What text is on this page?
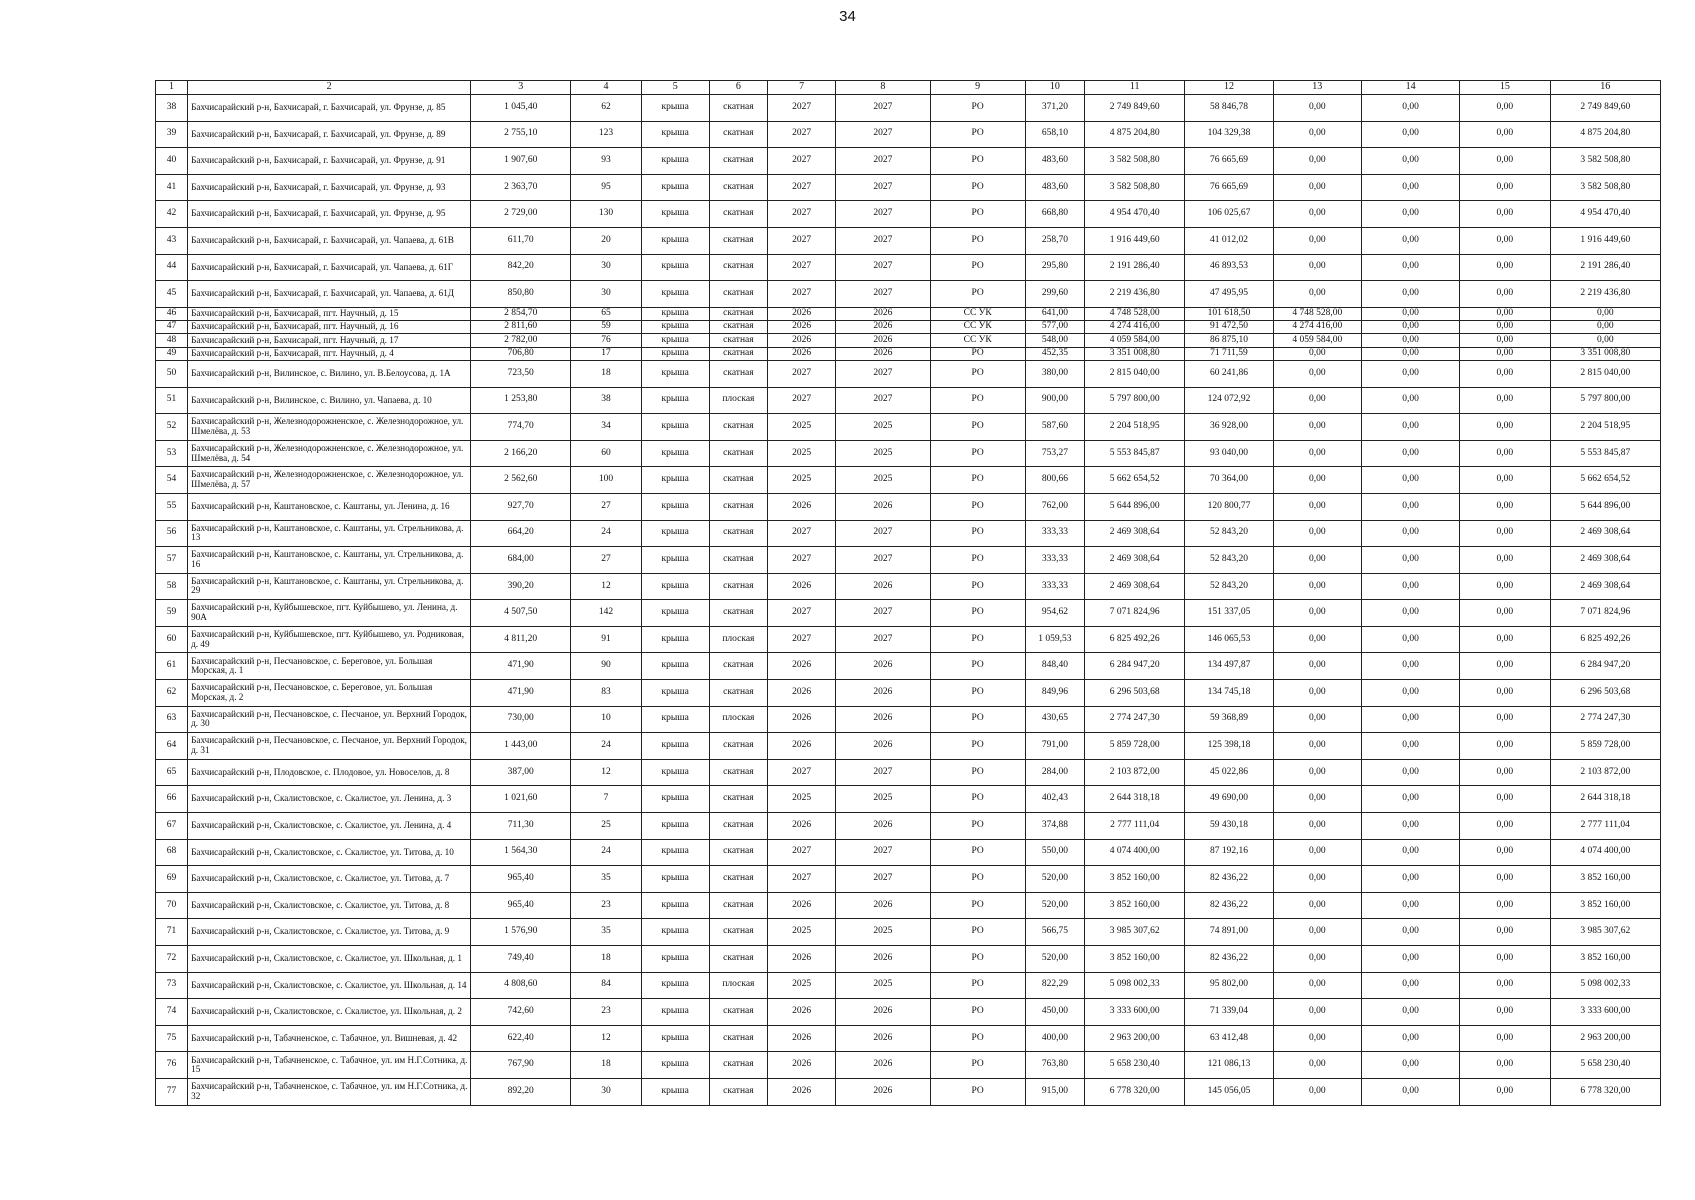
34
1	2	3	4	5	6	7	8	9	10	11	12	13	14	15	16
38	Бахчисарайский р-н, Бахчисарай, г. Бахчисарай, ул. Фрунзе, д. 85	1 045,40	62	крыша	скатная	2027	2027	РО	371,20	2 749 849,60	58 846,78	0,00	0,00	0,00	2 749 849,60
39	Бахчисарайский р-н, Бахчисарай, г. Бахчисарай, ул. Фрунзе, д. 89	2 755,10	123	крыша	скатная	2027	2027	РО	658,10	4 875 204,80	104 329,38	0,00	0,00	0,00	4 875 204,80
40	Бахчисарайский р-н, Бахчисарай, г. Бахчисарай, ул. Фрунзе, д. 91	1 907,60	93	крыша	скатная	2027	2027	РО	483,60	3 582 508,80	76 665,69	0,00	0,00	0,00	3 582 508,80
41	Бахчисарайский р-н, Бахчисарай, г. Бахчисарай, ул. Фрунзе, д. 93	2 363,70	95	крыша	скатная	2027	2027	РО	483,60	3 582 508,80	76 665,69	0,00	0,00	0,00	3 582 508,80
42	Бахчисарайский р-н, Бахчисарай, г. Бахчисарай, ул. Фрунзе, д. 95	2 729,00	130	крыша	скатная	2027	2027	РО	668,80	4 954 470,40	106 025,67	0,00	0,00	0,00	4 954 470,40
43	Бахчисарайский р-н, Бахчисарай, г. Бахчисарай, ул. Чапаева, д. 61В	611,70	20	крыша	скатная	2027	2027	РО	258,70	1 916 449,60	41 012,02	0,00	0,00	0,00	1 916 449,60
44	Бахчисарайский р-н, Бахчисарай, г. Бахчисарай, ул. Чапаева, д. 61Г	842,20	30	крыша	скатная	2027	2027	РО	295,80	2 191 286,40	46 893,53	0,00	0,00	0,00	2 191 286,40
45	Бахчисарайский р-н, Бахчисарай, г. Бахчисарай, ул. Чапаева, д. 61Д	850,80	30	крыша	скатная	2027	2027	РО	299,60	2 219 436,80	47 495,95	0,00	0,00	0,00	2 219 436,80
46	Бахчисарайский р-н, Бахчисарай, пгт. Научный, д. 15	2 854,70	65	крыша	скатная	2026	2026	СС УК	641,00	4 748 528,00	101 618,50	4 748 528,00	0,00	0,00	0,00
47	Бахчисарайский р-н, Бахчисарай, пгт. Научный, д. 16	2 811,60	59	крыша	скатная	2026	2026	СС УК	577,00	4 274 416,00	91 472,50	4 274 416,00	0,00	0,00	0,00
48	Бахчисарайский р-н, Бахчисарай, пгт. Научный, д. 17	2 782,00	76	крыша	скатная	2026	2026	СС УК	548,00	4 059 584,00	86 875,10	4 059 584,00	0,00	0,00	0,00
49	Бахчисарайский р-н, Бахчисарай, пгт. Научный, д. 4	706,80	17	крыша	скатная	2026	2026	РО	452,35	3 351 008,80	71 711,59	0,00	0,00	0,00	3 351 008,80
50	Бахчисарайский р-н, Вилинское, с. Вилино, ул. В.Белоусова, д. 1А	723,50	18	крыша	скатная	2027	2027	РО	380,00	2 815 040,00	60 241,86	0,00	0,00	0,00	2 815 040,00
51	Бахчисарайский р-н, Вилинское, с. Вилино, ул. Чапаева, д. 10	1 253,80	38	крыша	плоская	2027	2027	РО	900,00	5 797 800,00	124 072,92	0,00	0,00	0,00	5 797 800,00
52	Бахчисарайский р-н, Железнодорожненское, с. Железнодорожное, ул. Шмелёва, д. 53	774,70	34	крыша	скатная	2025	2025	РО	587,60	2 204 518,95	36 928,00	0,00	0,00	0,00	2 204 518,95
53	Бахчисарайский р-н, Железнодорожненское, с. Железнодорожное, ул. Шмелёва, д. 54	2 166,20	60	крыша	скатная	2025	2025	РО	753,27	5 553 845,87	93 040,00	0,00	0,00	0,00	5 553 845,87
54	Бахчисарайский р-н, Железнодорожненское, с. Железнодорожное, ул. Шмелёва, д. 57	2 562,60	100	крыша	скатная	2025	2025	РО	800,66	5 662 654,52	70 364,00	0,00	0,00	0,00	5 662 654,52
55	Бахчисарайский р-н, Каштановское, с. Каштаны, ул. Ленина, д. 16	927,70	27	крыша	скатная	2026	2026	РО	762,00	5 644 896,00	120 800,77	0,00	0,00	0,00	5 644 896,00
56	Бахчисарайский р-н, Каштановское, с. Каштаны, ул. Стрельникова, д. 13	664,20	24	крыша	скатная	2027	2027	РО	333,33	2 469 308,64	52 843,20	0,00	0,00	0,00	2 469 308,64
57	Бахчисарайский р-н, Каштановское, с. Каштаны, ул. Стрельникова, д. 16	684,00	27	крыша	скатная	2027	2027	РО	333,33	2 469 308,64	52 843,20	0,00	0,00	0,00	2 469 308,64
58	Бахчисарайский р-н, Каштановское, с. Каштаны, ул. Стрельникова, д. 29	390,20	12	крыша	скатная	2026	2026	РО	333,33	2 469 308,64	52 843,20	0,00	0,00	0,00	2 469 308,64
59	Бахчисарайский р-н, Куйбышевское, пгт. Куйбышево, ул. Ленина, д. 90А	4 507,50	142	крыша	скатная	2027	2027	РО	954,62	7 071 824,96	151 337,05	0,00	0,00	0,00	7 071 824,96
60	Бахчисарайский р-н, Куйбышевское, пгт. Куйбышево, ул. Родниковая, д. 49	4 811,20	91	крыша	плоская	2027	2027	РО	1 059,53	6 825 492,26	146 065,53	0,00	0,00	0,00	6 825 492,26
61	Бахчисарайский р-н, Песчановское, с. Береговое, ул. Большая Морская, д. 1	471,90	90	крыша	скатная	2026	2026	РО	848,40	6 284 947,20	134 497,87	0,00	0,00	0,00	6 284 947,20
62	Бахчисарайский р-н, Песчановское, с. Береговое, ул. Большая Морская, д. 2	471,90	83	крыша	скатная	2026	2026	РО	849,96	6 296 503,68	134 745,18	0,00	0,00	0,00	6 296 503,68
63	Бахчисарайский р-н, Песчановское, с. Песчаное, ул. Верхний Городок, д. 30	730,00	10	крыша	плоская	2026	2026	РО	430,65	2 774 247,30	59 368,89	0,00	0,00	0,00	2 774 247,30
64	Бахчисарайский р-н, Песчановское, с. Песчаное, ул. Верхний Городок, д. 31	1 443,00	24	крыша	скатная	2026	2026	РО	791,00	5 859 728,00	125 398,18	0,00	0,00	0,00	5 859 728,00
65	Бахчисарайский р-н, Плодовское, с. Плодовое, ул. Новоселов, д. 8	387,00	12	крыша	скатная	2027	2027	РО	284,00	2 103 872,00	45 022,86	0,00	0,00	0,00	2 103 872,00
66	Бахчисарайский р-н, Скалистовское, с. Скалистое, ул. Ленина, д. 3	1 021,60	7	крыша	скатная	2025	2025	РО	402,43	2 644 318,18	49 690,00	0,00	0,00	0,00	2 644 318,18
67	Бахчисарайский р-н, Скалистовское, с. Скалистое, ул. Ленина, д. 4	711,30	25	крыша	скатная	2026	2026	РО	374,88	2 777 111,04	59 430,18	0,00	0,00	0,00	2 777 111,04
68	Бахчисарайский р-н, Скалистовское, с. Скалистое, ул. Титова, д. 10	1 564,30	24	крыша	скатная	2027	2027	РО	550,00	4 074 400,00	87 192,16	0,00	0,00	0,00	4 074 400,00
69	Бахчисарайский р-н, Скалистовское, с. Скалистое, ул. Титова, д. 7	965,40	35	крыша	скатная	2027	2027	РО	520,00	3 852 160,00	82 436,22	0,00	0,00	0,00	3 852 160,00
70	Бахчисарайский р-н, Скалистовское, с. Скалистое, ул. Титова, д. 8	965,40	23	крыша	скатная	2026	2026	РО	520,00	3 852 160,00	82 436,22	0,00	0,00	0,00	3 852 160,00
71	Бахчисарайский р-н, Скалистовское, с. Скалистое, ул. Титова, д. 9	1 576,90	35	крыша	скатная	2025	2025	РО	566,75	3 985 307,62	74 891,00	0,00	0,00	0,00	3 985 307,62
72	Бахчисарайский р-н, Скалистовское, с. Скалистое, ул. Школьная, д. 1	749,40	18	крыша	скатная	2026	2026	РО	520,00	3 852 160,00	82 436,22	0,00	0,00	0,00	3 852 160,00
73	Бахчисарайский р-н, Скалистовское, с. Скалистое, ул. Школьная, д. 14	4 808,60	84	крыша	плоская	2025	2025	РО	822,29	5 098 002,33	95 802,00	0,00	0,00	0,00	5 098 002,33
74	Бахчисарайский р-н, Скалистовское, с. Скалистое, ул. Школьная, д. 2	742,60	23	крыша	скатная	2026	2026	РО	450,00	3 333 600,00	71 339,04	0,00	0,00	0,00	3 333 600,00
75	Бахчисарайский р-н, Табачненское, с. Табачное, ул. Вишневая, д. 42	622,40	12	крыша	скатная	2026	2026	РО	400,00	2 963 200,00	63 412,48	0,00	0,00	0,00	2 963 200,00
76	Бахчисарайский р-н, Табачненское, с. Табачное, ул. им Н.Г.Сотника, д. 15	767,90	18	крыша	скатная	2026	2026	РО	763,80	5 658 230,40	121 086,13	0,00	0,00	0,00	5 658 230,40
77	Бахчисарайский р-н, Табачненское, с. Табачное, ул. им Н.Г.Сотника, д. 32	892,20	30	крыша	скатная	2026	2026	РО	915,00	6 778 320,00	145 056,05	0,00	0,00	0,00	6 778 320,00
